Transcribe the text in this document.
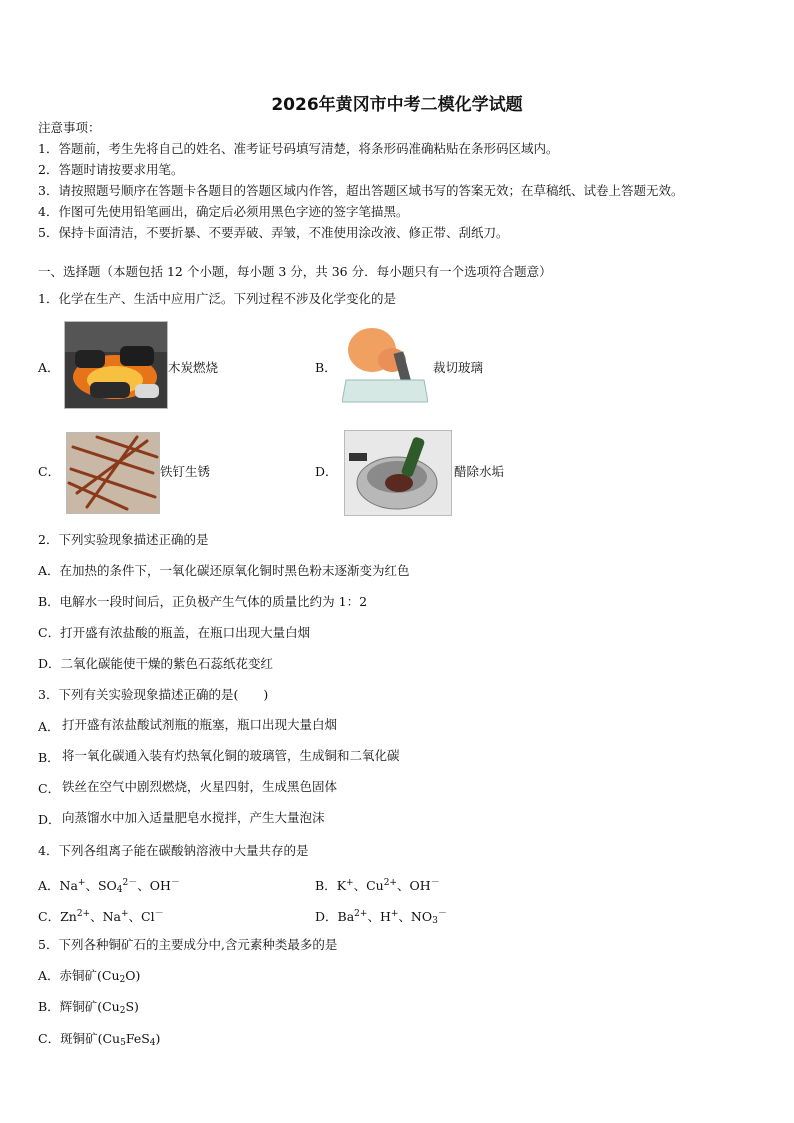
2026年黄冈市中考二模化学试题
注意事项：
1．答题前，考生先将自己的姓名、准考证号码填写清楚，将条形码准确粘贴在条形码区域内。
2．答题时请按要求用笔。
3．请按照题号顺序在答题卡各题目的答题区域内作答，超出答题区域书写的答案无效；在草稿纸、试卷上答题无效。
4．作图可先使用铅笔画出，确定后必须用黑色字迹的签字笔描黑。
5．保持卡面清洁，不要折暴、不要弄破、弄皱，不准使用涂改液、修正带、刮纸刀。
一、选择题（本题包括 12 个小题，每小题 3 分，共 36 分．每小题只有一个选项符合题意）
1．化学在生产、生活中应用广泛。下列过程不涉及化学变化的是
A．	木炭燃烧	B．	裁切玻璃
C．	铁钉生锈	D．	醋除水垢
2．下列实验现象描述正确的是
A．在加热的条件下，一氧化碳还原氧化铜时黑色粉末逐渐变为红色
B．电解水一段时间后，正负极产生气体的质量比约为 1：2
C．打开盛有浓盐酸的瓶盖，在瓶口出现大量白烟
D．二氧化碳能使干燥的紫色石蕊纸花变红
3．下列有关实验现象描述正确的是(　　)
A． 打开盛有浓盐酸试剂瓶的瓶塞，瓶口出现大量白烟
B． 将一氧化碳通入装有灼热氧化铜的玻璃管，生成铜和二氧化碳
C． 铁丝在空气中剧烈燃烧，火星四射，生成黑色固体
D． 向蒸馏水中加入适量肥皂水搅拌，产生大量泡沫
4．下列各组离子能在碳酸钠溶液中大量共存的是
A．Na+、$SO4^{2-}$、OH－	B．K+、$Cu^{2+}$、OH－
C．$Zn^{2+}$、Na+、Cl－	D．$Ba^{2+}$、H+、NO3－
5．下列各种铜矿石的主要成分中,含元素种类最多的是
A．赤铜矿(Cu2O)
B．辉铜矿(Cu2S)
C．斑铜矿(Cu5FeS4)
